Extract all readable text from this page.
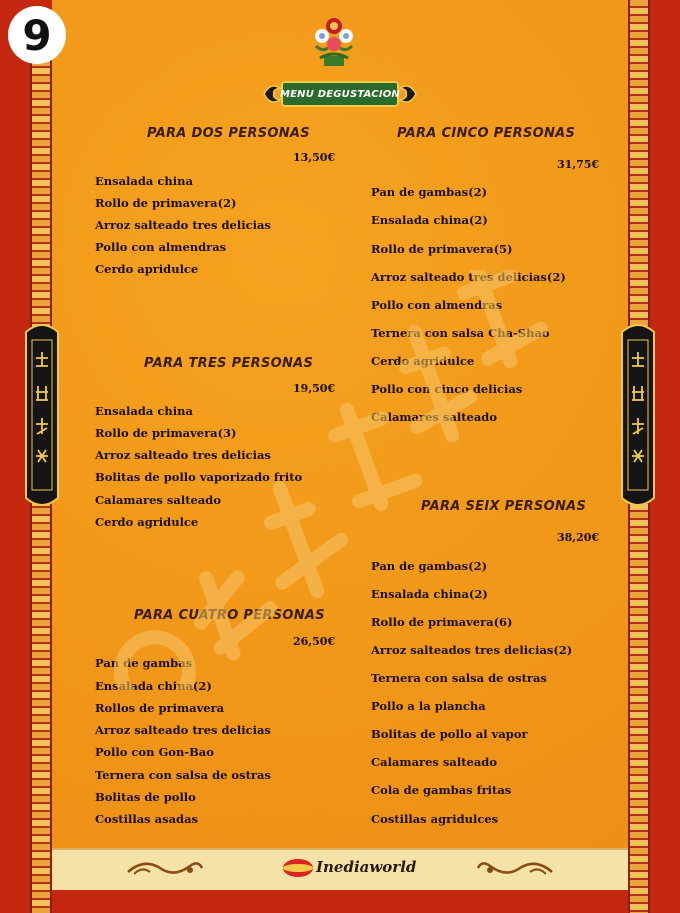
9
MENU DEGUSTACION
PARA DOS PERSONAS
13,50€
Ensalada china
Rollo de primavera(2)
Arroz salteado tres delicias
Pollo con almendras
Cerdo apridulce
PARA TRES PERSONAS
19,50€
Ensalada china
Rollo de primavera(3)
Arroz salteado tres delicias
Bolitas de pollo vaporizado frito
Calamares salteado
Cerdo agridulce
PARA CUATRO PERSONAS
26,50€
Pan de gambas
Ensalada china(2)
Rollos de primavera
Arroz salteado tres delicias
Pollo con Gon-Bao
Ternera con salsa de ostras
Bolitas de pollo
Costillas asadas
PARA CINCO PERSONAS
31,75€
Pan de gambas(2)
Ensalada china(2)
Rollo de primavera(5)
Arroz salteado tres delicias(2)
Pollo con almendras
Ternera con salsa Cha-Shao
Cerdo agridulce
Pollo con cinco delicias
Calamares salteado
PARA SEIX PERSONAS
38,20€
Pan de gambas(2)
Ensalada china(2)
Rollo de primavera(6)
Arroz salteados tres delicias(2)
Ternera con salsa de ostras
Pollo a la plancha
Bolitas de pollo al vapor
Calamares salteado
Cola de gambas fritas
Costillas agridulces
Inediaworld
